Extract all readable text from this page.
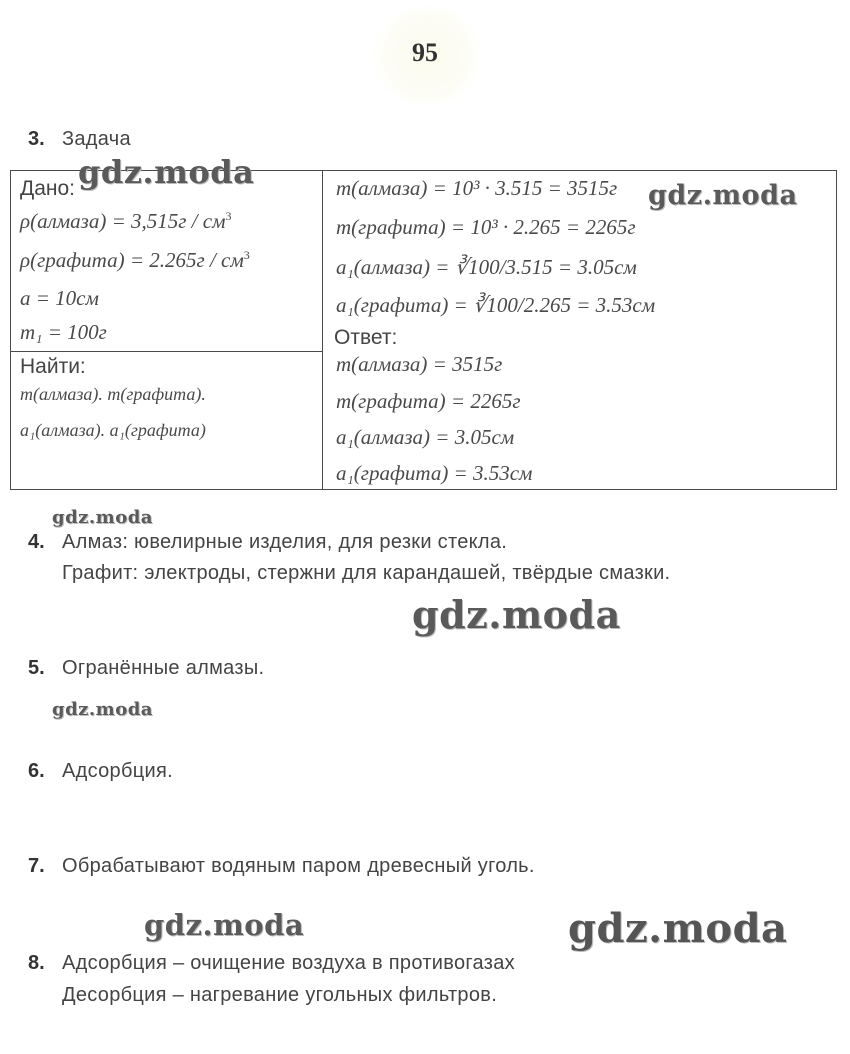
95
3. Задача
Дано:
ρ(алмаза) = $3,515г / см^3$
ρ(графита) = $2.265г / см^3$
a = 10см
m₁ = 100г
Найти:
m(алмаза). m(графита).
a₁(алмаза). a₁(графита)
m(алмаза) = 10³ · 3.515 = 3515г
m(графита) = 10³ · 2.265 = 2265г
a₁(алмаза) = ∛100/3.515 = 3.05см
a₁(графита) = ∛100/2.265 = 3.53см
Ответ:
m(алмаза) = 3515г
m(графита) = 2265г
a₁(алмаза) = 3.05см
a₁(графита) = 3.53см
4. Алмаз: ювелирные изделия, для резки стекла.
Графит: электроды, стержни для карандашей, твёрдые смазки.
5. Огранённые алмазы.
6. Адсорбция.
7. Обрабатывают водяным паром древесный уголь.
8. Адсорбция – очищение воздуха в противогазах
Десорбция – нагревание угольных фильтров.
gdz.moda
gdz.moda
gdz.moda
gdz.moda
gdz.moda
gdz.moda	gdz.moda
